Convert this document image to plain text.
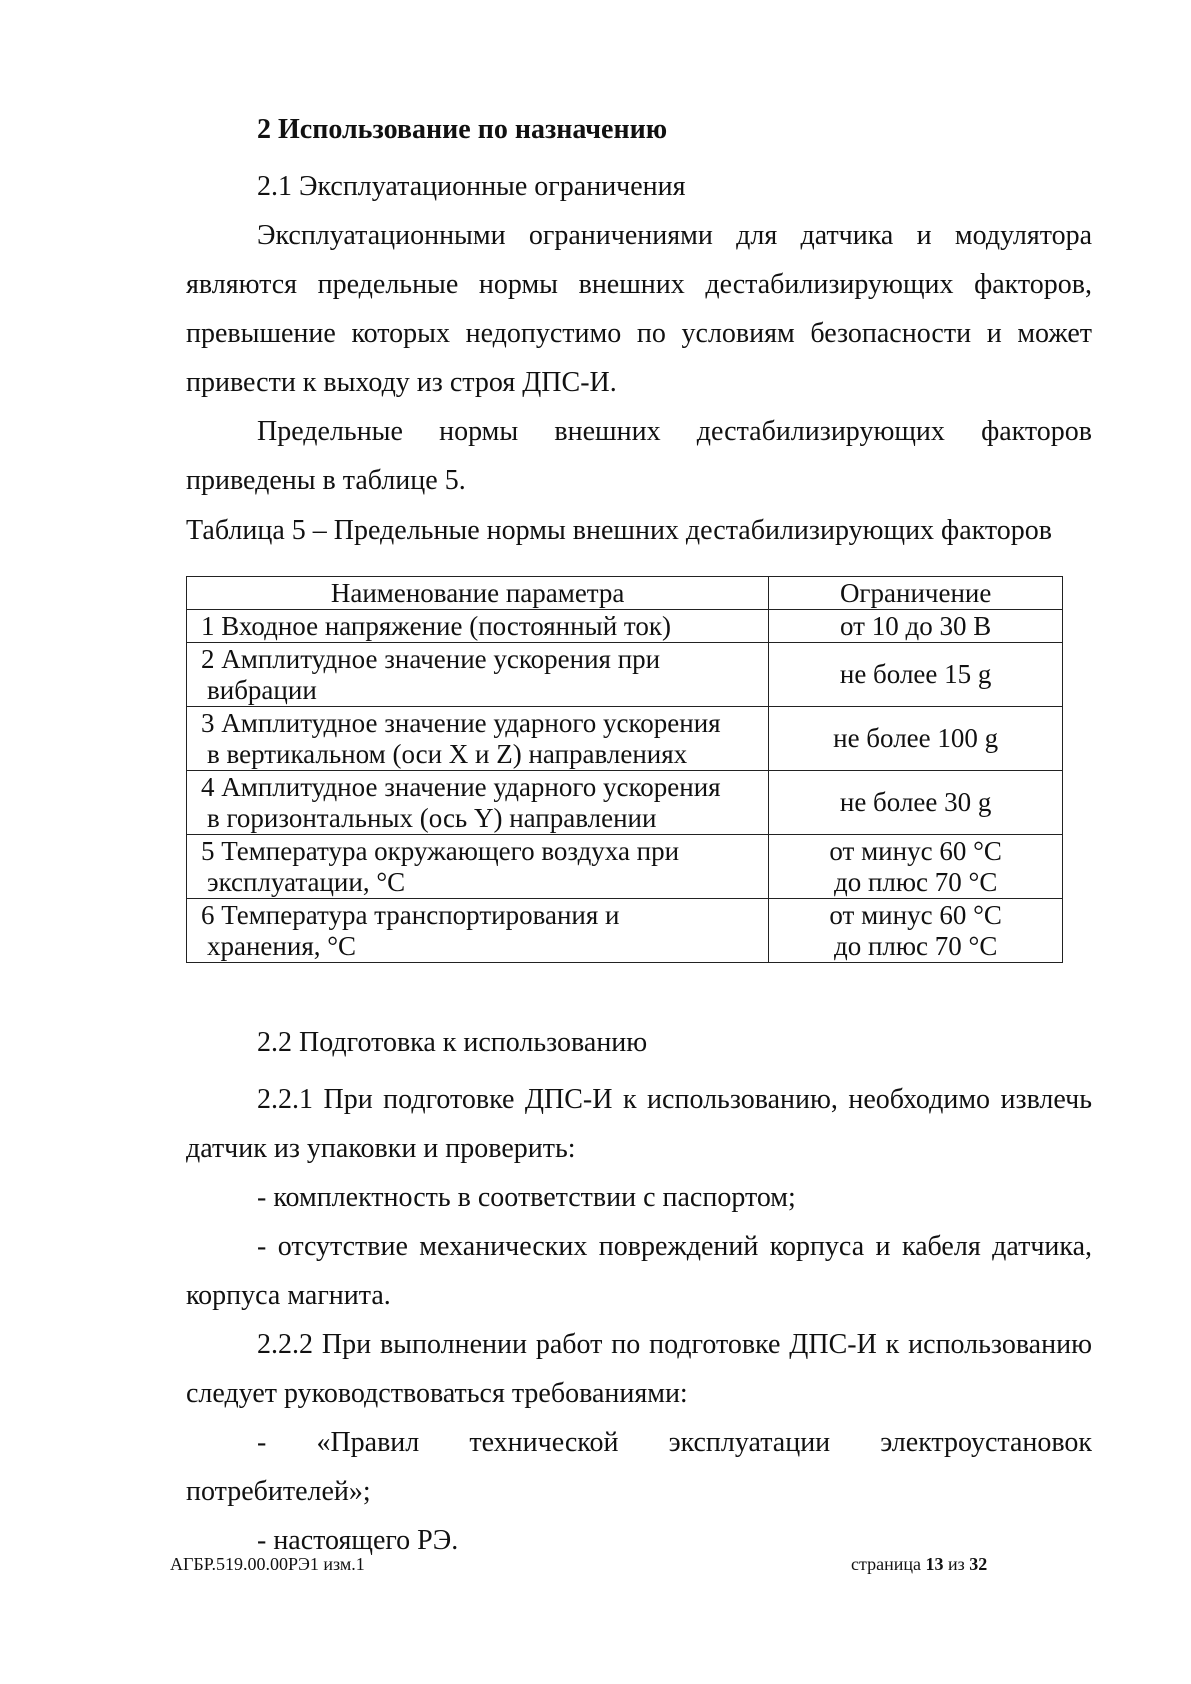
2 Использование по назначению

2.1 Эксплуатационные ограничения

Эксплуатационными ограничениями для датчика и модулятора

являются предельные нормы внешних дестабилизирующих факторов,

превышение которых недопустимо по условиям безопасности и может

привести к выходу из строя ДПС-И.

Предельные нормы внешних дестабилизирующих факторов

приведены в таблице 5.

Таблица 5 – Предельные нормы внешних дестабилизирующих факторов

Наименование параметра	Ограничение

1 Входное напряжение (постоянный ток)	от 10 до 30 В

2 Амплитудное значение ускорения при
вибрации	не более 15 g

3 Амплитудное значение ударного ускорения
в вертикальном (оси X и Z) направлениях	не более 100 g

4 Амплитудное значение ударного ускорения
в горизонтальных (ось Y) направлении	не более 30 g

5 Температура окружающего воздуха при
эксплуатации, °С	от минус 60 °С
до плюс 70 °С

6 Температура транспортирования и
хранения, °С	от минус 60 °С
до плюс 70 °С

2.2 Подготовка к использованию

2.2.1 При подготовке ДПС-И к использованию, необходимо извлечь

датчик из упаковки и проверить:

- комплектность в соответствии с паспортом;

- отсутствие механических повреждений корпуса и кабеля датчика,

корпуса магнита.

2.2.2 При выполнении работ по подготовке ДПС-И к использованию

следует руководствоваться требованиями:

- «Правил технической эксплуатации электроустановок

потребителей»;

- настоящего РЭ.

АГБР.519.00.00РЭ1 изм.1	страница 13 из 32
